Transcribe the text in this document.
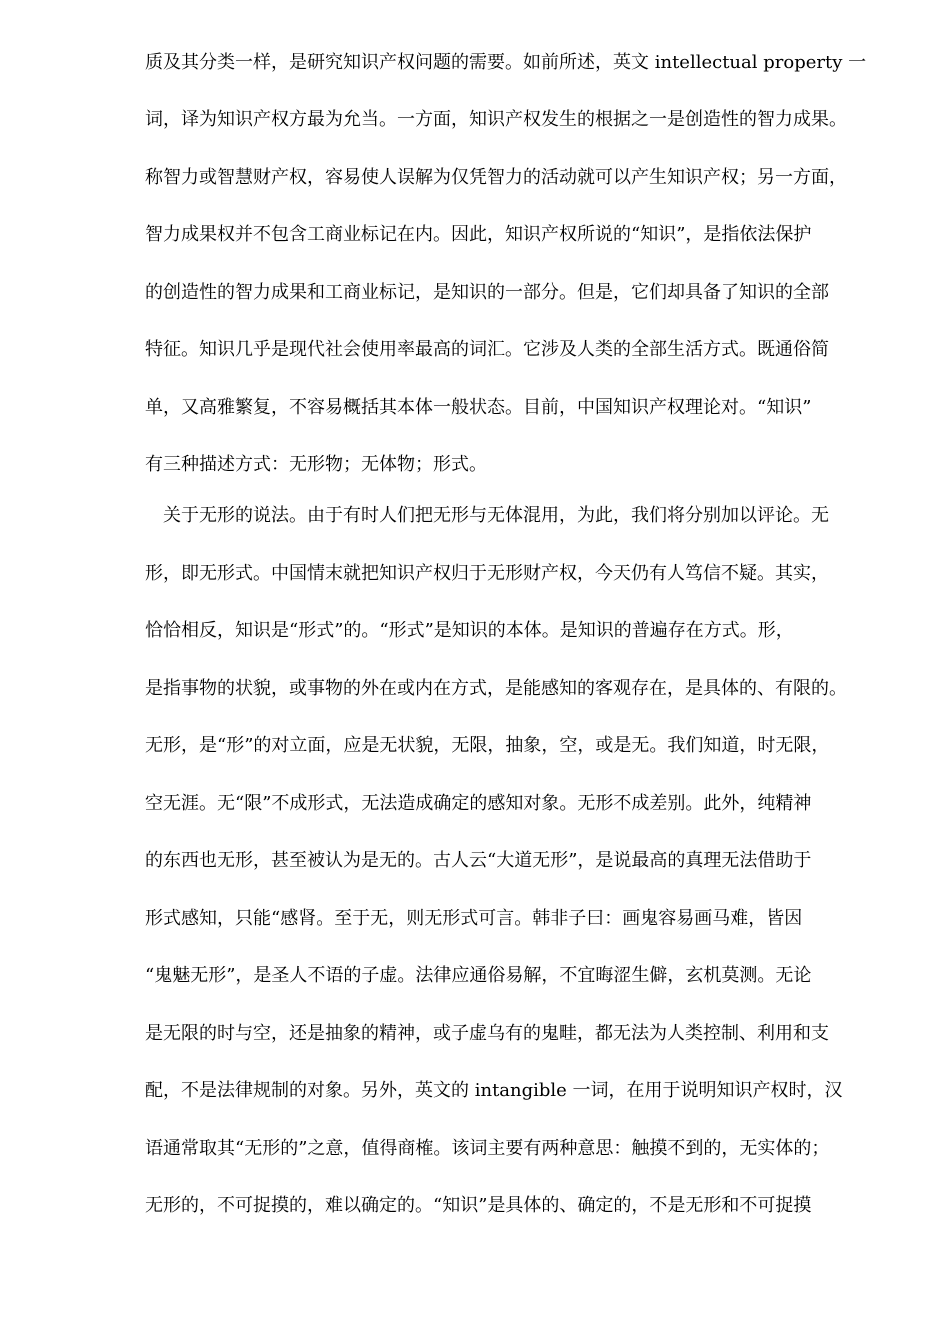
质及其分类一样，是研究知识产权问题的需要。如前所述，英文 intellectual property 一
词，译为知识产权方最为允当。一方面，知识产权发生的根据之一是创造性的智力成果。
称智力或智慧财产权，容易使人误解为仅凭智力的活动就可以产生知识产权；另一方面，
智力成果权并不包含工商业标记在内。因此，知识产权所说的“知识”，是指依法保护
的创造性的智力成果和工商业标记，是知识的一部分。但是，它们却具备了知识的全部
特征。知识几乎是现代社会使用率最高的词汇。它涉及人类的全部生活方式。既通俗简
单，又高雅繁复，不容易概括其本体一般状态。目前，中国知识产权理论对。“知识”
有三种描述方式：无形物；无体物；形式。
关于无形的说法。由于有时人们把无形与无体混用，为此，我们将分别加以评论。无
形，即无形式。中国情末就把知识产权归于无形财产权，今天仍有人笃信不疑。其实，
恰恰相反，知识是“形式”的。“形式”是知识的本体。是知识的普遍存在方式。形，
是指事物的状貌，或事物的外在或内在方式，是能感知的客观存在，是具体的、有限的。
无形，是“形”的对立面，应是无状貌，无限，抽象，空，或是无。我们知道，时无限，
空无涯。无“限”不成形式，无法造成确定的感知对象。无形不成差别。此外，纯精神
的东西也无形，甚至被认为是无的。古人云“大道无形”，是说最高的真理无法借助于
形式感知，只能“感肾。至于无，则无形式可言。韩非子曰：画鬼容易画马难，皆因
“鬼魅无形”，是圣人不语的子虚。法律应通俗易解，不宜晦涩生僻，玄机莫测。无论
是无限的时与空，还是抽象的精神，或子虚乌有的鬼畦，都无法为人类控制、利用和支
配，不是法律规制的对象。另外，英文的 intangible 一词，在用于说明知识产权时，汉
语通常取其“无形的”之意，值得商榷。该词主要有两种意思：触摸不到的，无实体的；
无形的，不可捉摸的，难以确定的。“知识”是具体的、确定的，不是无形和不可捉摸
